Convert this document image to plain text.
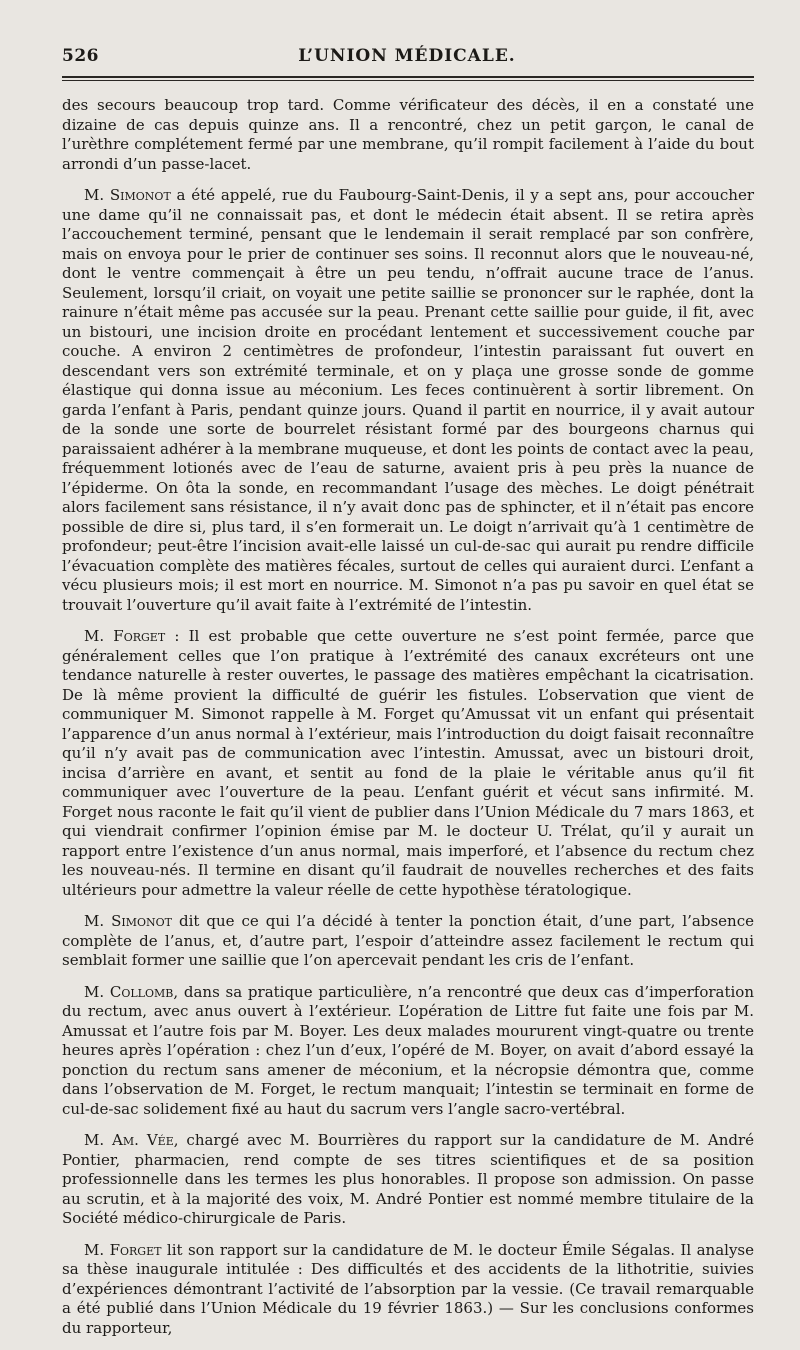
526	L’UNION MÉDICALE.

des secours beaucoup trop tard. Comme vérificateur des décès, il en a constaté une dizaine de cas depuis quinze ans. Il a rencontré, chez un petit garçon, le canal de l’urèthre complétement fermé par une membrane, qu’il rompit facilement à l’aide du bout arrondi d’un passe-lacet.

M. Simonot a été appelé, rue du Faubourg-Saint-Denis, il y a sept ans, pour accoucher une dame qu’il ne connaissait pas, et dont le médecin était absent. Il se retira après l’accouchement terminé, pensant que le lendemain il serait remplacé par son confrère, mais on envoya pour le prier de continuer ses soins. Il reconnut alors que le nouveau-né, dont le ventre commençait à être un peu tendu, n’offrait aucune trace de l’anus. Seulement, lorsqu’il criait, on voyait une petite saillie se prononcer sur le raphée, dont la rainure n’était même pas accusée sur la peau. Prenant cette saillie pour guide, il fit, avec un bistouri, une incision droite en procédant lentement et successivement couche par couche. A environ 2 centimètres de profondeur, l’intestin paraissant fut ouvert en descendant vers son extrémité terminale, et on y plaça une grosse sonde de gomme élastique qui donna issue au méconium. Les feces continuèrent à sortir librement. On garda l’enfant à Paris, pendant quinze jours. Quand il partit en nourrice, il y avait autour de la sonde une sorte de bourrelet résistant formé par des bourgeons charnus qui paraissaient adhérer à la membrane muqueuse, et dont les points de contact avec la peau, fréquemment lotionés avec de l’eau de saturne, avaient pris à peu près la nuance de l’épiderme. On ôta la sonde, en recommandant l’usage des mèches. Le doigt pénétrait alors facilement sans résistance, il n’y avait donc pas de sphincter, et il n’était pas encore possible de dire si, plus tard, il s’en formerait un. Le doigt n’arrivait qu’à 1 centimètre de profondeur; peut-être l’incision avait-elle laissé un cul-de-sac qui aurait pu rendre difficile l’évacuation complète des matières fécales, surtout de celles qui auraient durci. L’enfant a vécu plusieurs mois; il est mort en nourrice. M. Simonot n’a pas pu savoir en quel état se trouvait l’ouverture qu’il avait faite à l’extrémité de l’intestin.

M. Forget : Il est probable que cette ouverture ne s’est point fermée, parce que généralement celles que l’on pratique à l’extrémité des canaux excréteurs ont une tendance naturelle à rester ouvertes, le passage des matières empêchant la cicatrisation. De là même provient la difficulté de guérir les fistules. L’observation que vient de communiquer M. Simonot rappelle à M. Forget qu’Amussat vit un enfant qui présentait l’apparence d’un anus normal à l’extérieur, mais l’introduction du doigt faisait reconnaître qu’il n’y avait pas de communication avec l’intestin. Amussat, avec un bistouri droit, incisa d’arrière en avant, et sentit au fond de la plaie le véritable anus qu’il fit communiquer avec l’ouverture de la peau. L’enfant guérit et vécut sans infirmité. M. Forget nous raconte le fait qu’il vient de publier dans l’Union Médicale du 7 mars 1863, et qui viendrait confirmer l’opinion émise par M. le docteur U. Trélat, qu’il y aurait un rapport entre l’existence d’un anus normal, mais imperforé, et l’absence du rectum chez les nouveau-nés. Il termine en disant qu’il faudrait de nouvelles recherches et des faits ultérieurs pour admettre la valeur réelle de cette hypothèse tératologique.

M. Simonot dit que ce qui l’a décidé à tenter la ponction était, d’une part, l’absence complète de l’anus, et, d’autre part, l’espoir d’atteindre assez facilement le rectum qui semblait former une saillie que l’on apercevait pendant les cris de l’enfant.

M. Collomb, dans sa pratique particulière, n’a rencontré que deux cas d’imperforation du rectum, avec anus ouvert à l’extérieur. L’opération de Littre fut faite une fois par M. Amussat et l’autre fois par M. Boyer. Les deux malades moururent vingt-quatre ou trente heures après l’opération : chez l’un d’eux, l’opéré de M. Boyer, on avait d’abord essayé la ponction du rectum sans amener de méconium, et la nécropsie démontra que, comme dans l’observation de M. Forget, le rectum manquait; l’intestin se terminait en forme de cul-de-sac solidement fixé au haut du sacrum vers l’angle sacro-vertébral.

M. Am. Vée, chargé avec M. Bourrières du rapport sur la candidature de M. André Pontier, pharmacien, rend compte de ses titres scientifiques et de sa position professionnelle dans les termes les plus honorables. Il propose son admission. On passe au scrutin, et à la majorité des voix, M. André Pontier est nommé membre titulaire de la Société médico-chirurgicale de Paris.

M. Forget lit son rapport sur la candidature de M. le docteur Émile Ségalas. Il analyse sa thèse inaugurale intitulée : Des difficultés et des accidents de la lithotritie, suivies d’expériences démontrant l’activité de l’absorption par la vessie. (Ce travail remarquable a été publié dans l’Union Médicale du 19 février 1863.) — Sur les conclusions conformes du rapporteur,
